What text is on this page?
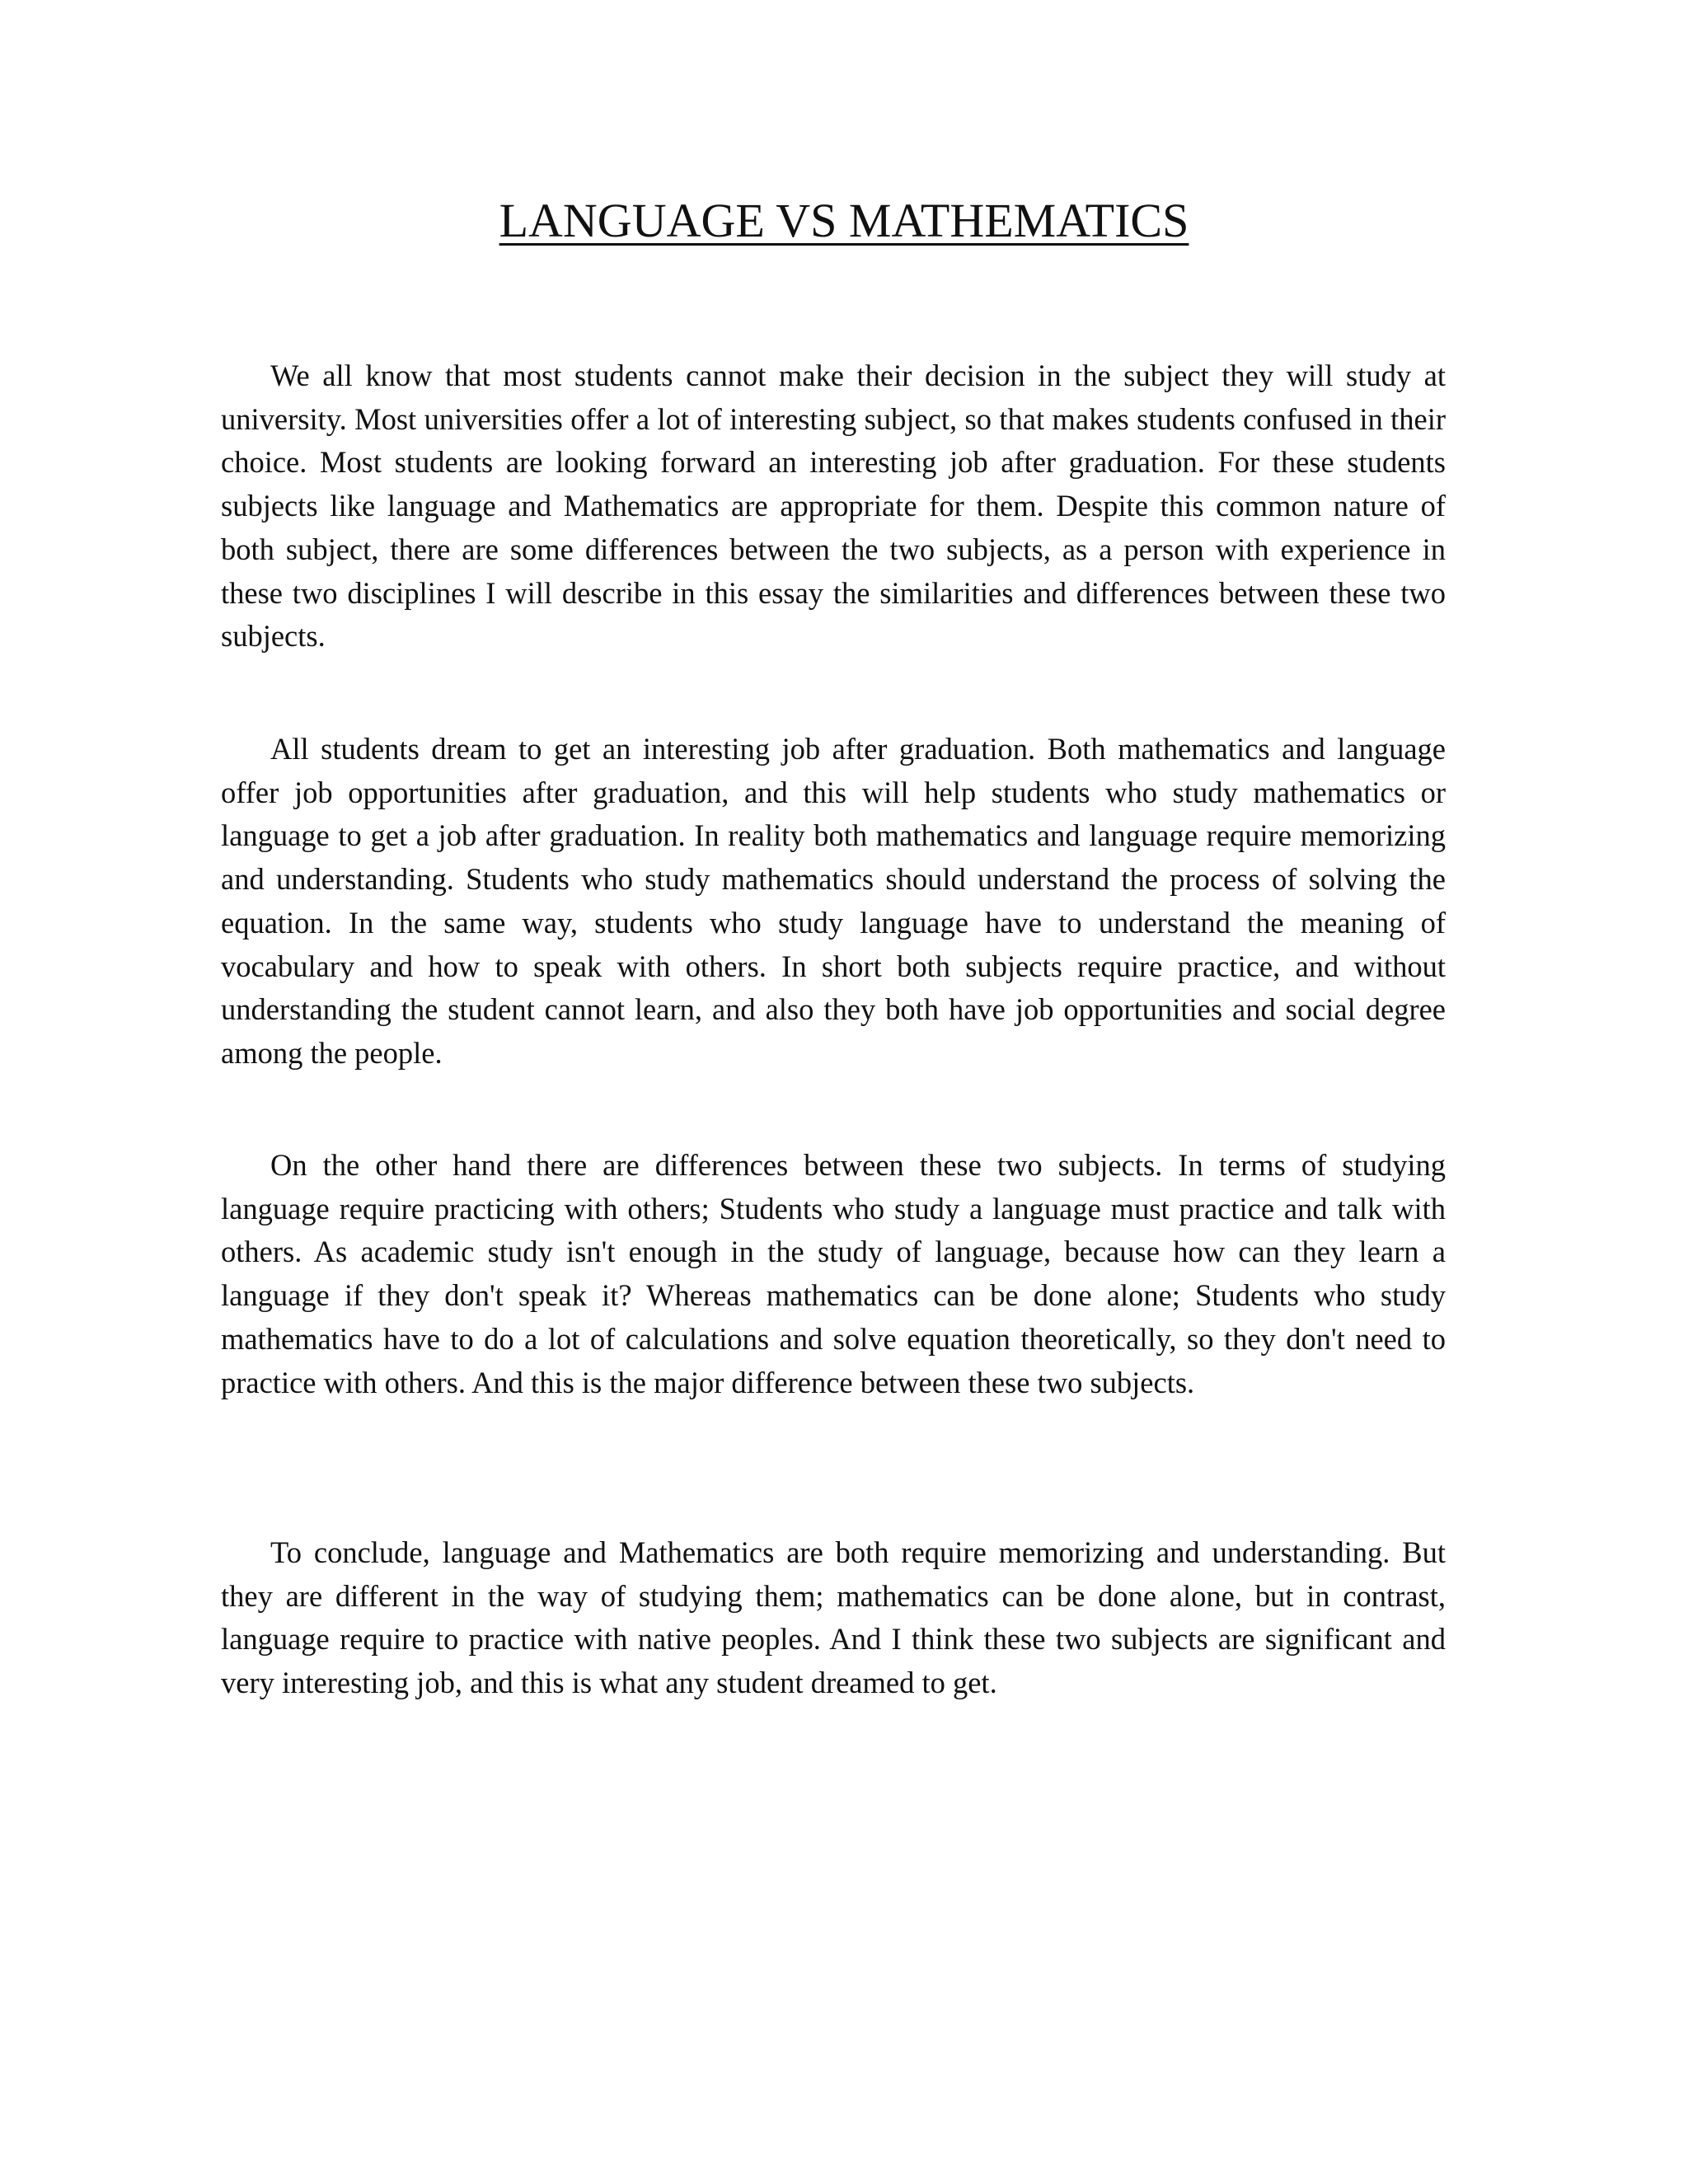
LANGUAGE VS MATHEMATICS

We all know that most students cannot make their decision in the subject they will study at university. Most universities offer a lot of interesting subject, so that makes students confused in their choice. Most students are looking forward an interesting job after graduation. For these students subjects like language and Mathematics are appropriate for them. Despite this common nature of both subject, there are some differences between the two subjects, as a person with experience in these two disciplines I will describe in this essay the similarities and differences between these two subjects.

All students dream to get an interesting job after graduation. Both mathematics and language offer job opportunities after graduation, and this will help students who study mathematics or language to get a job after graduation. In reality both mathematics and language require memorizing and understanding. Students who study mathematics should understand the process of solving the equation. In the same way, students who study language have to understand the meaning of vocabulary and how to speak with others. In short both subjects require practice, and without understanding the student cannot learn, and also they both have job opportunities and social degree among the people.

On the other hand there are differences between these two subjects. In terms of studying language require practicing with others; Students who study a language must practice and talk with others. As academic study isn't enough in the study of language, because how can they learn a language if they don't speak it? Whereas mathematics can be done alone; Students who study mathematics have to do a lot of calculations and solve equation theoretically, so they don't need to practice with others. And this is the major difference between these two subjects.

To conclude, language and Mathematics are both require memorizing and understanding. But they are different in the way of studying them; mathematics can be done alone, but in contrast, language require to practice with native peoples. And I think these two subjects are significant and very interesting job, and this is what any student dreamed to get.
